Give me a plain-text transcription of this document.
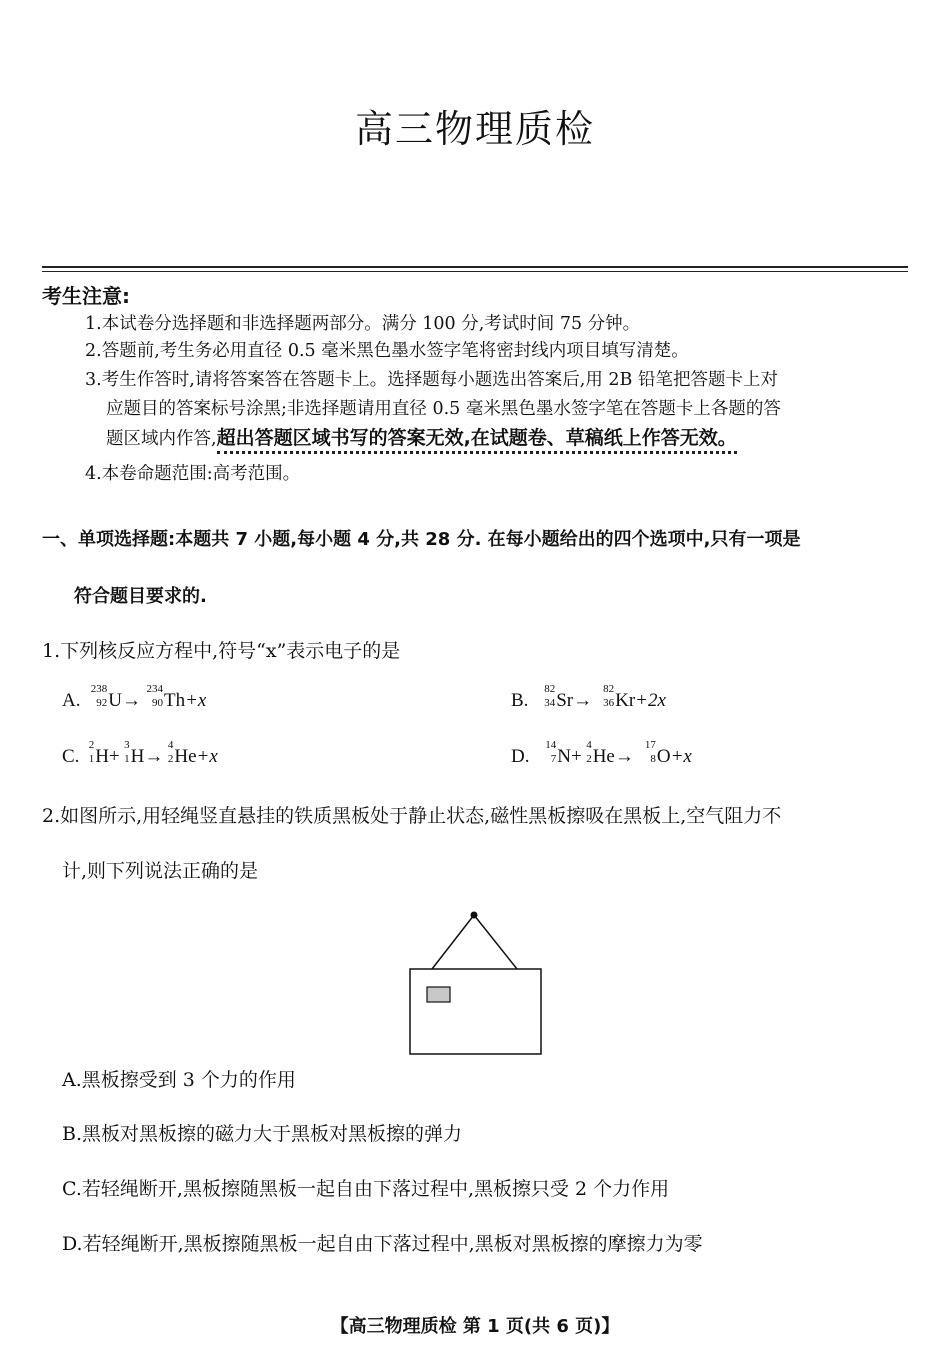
高三物理质检
考生注意:
1.本试卷分选择题和非选择题两部分。满分 100 分,考试时间 75 分钟。
2.答题前,考生务必用直径 0.5 毫米黑色墨水签字笔将密封线内项目填写清楚。
3.考生作答时,请将答案答在答题卡上。选择题每小题选出答案后,用 2B 铅笔把答题卡上对
应题目的答案标号涂黑;非选择题请用直径 0.5 毫米黑色墨水签字笔在答题卡上各题的答
题区域内作答,超出答题区域书写的答案无效,在试题卷、草稿纸上作答无效。
4.本卷命题范围:高考范围。
一、单项选择题:本题共 7 小题,每小题 4 分,共 28 分. 在每小题给出的四个选项中,只有一项是
符合题目要求的.
1.下列核反应方程中,符号“x”表示电子的是
A.
238
92 U→
234
90 Th+x	B.
82
34 Sr→
82
36 Kr+2x
C.
2
1 H+
3
1 H→
4
2 He+x	D.
14
7 N+
4
2 He→
17
8 O+x
2.如图所示,用轻绳竖直悬挂的铁质黑板处于静止状态,磁性黑板擦吸在黑板上,空气阻力不
计,则下列说法正确的是
A.黑板擦受到 3 个力的作用
B.黑板对黑板擦的磁力大于黑板对黑板擦的弹力
C.若轻绳断开,黑板擦随黑板一起自由下落过程中,黑板擦只受 2 个力作用
D.若轻绳断开,黑板擦随黑板一起自由下落过程中,黑板对黑板擦的摩擦力为零
【高三物理质检 第 1 页(共 6 页)】
